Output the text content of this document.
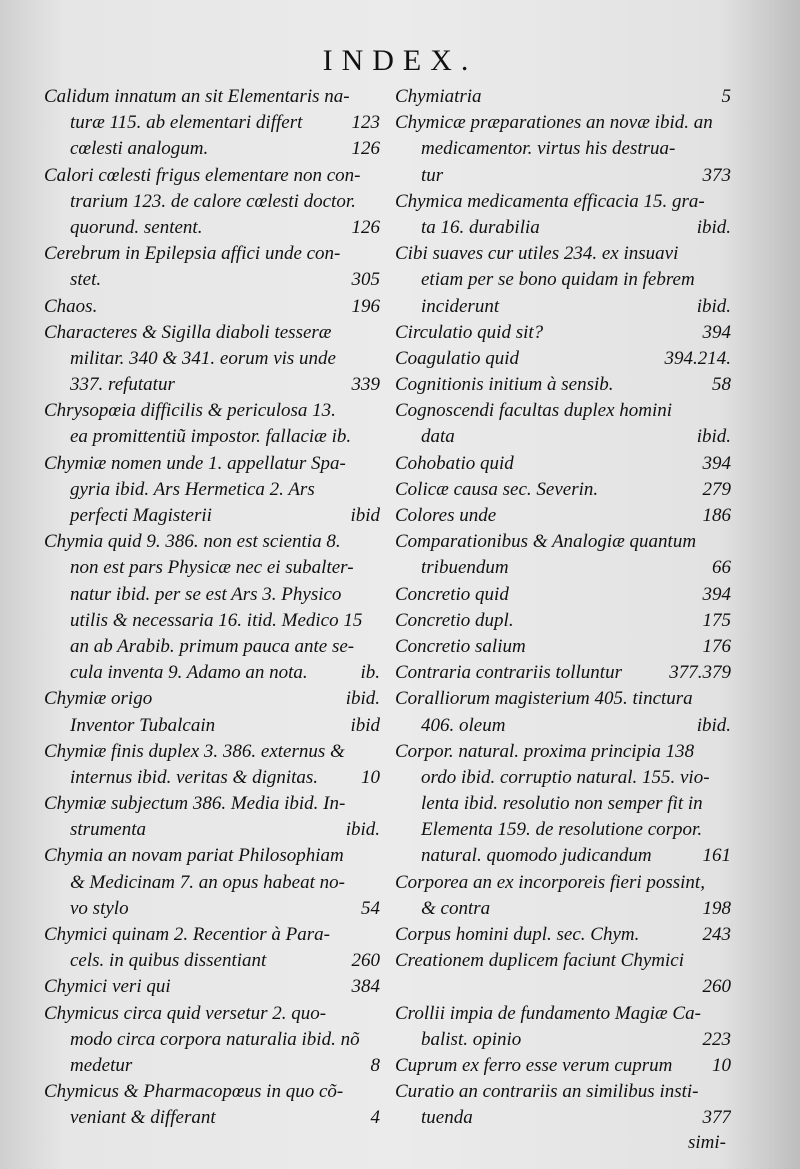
INDEX.
Calidum innatum an sit Elementaris na-
turæ 115. ab elementari differt	123
cœlesti analogum.	126
Calori cœlesti frigus elementare non con-
trarium 123. de calore cœlesti doctor.
quorund. sentent.	126
Cerebrum in Epilepsia affici unde con-
stet.	305
Chaos.	196
Characteres & Sigilla diaboli tesseræ
militar. 340 & 341. eorum vis unde
337. refutatur	339
Chrysopœia difficilis & periculosa 13.
ea promittentiũ impostor. fallaciæ ib.
Chymiæ nomen unde 1. appellatur Spa-
gyria ibid. Ars Hermetica 2. Ars
perfecti Magisterii	ibid
Chymia quid 9. 386. non est scientia 8.
non est pars Physicæ nec ei subalter-
natur ibid. per se est Ars 3. Physico
utilis & necessaria 16. itid. Medico 15
an ab Arabib. primum pauca ante se-
cula inventa 9. Adamo an nota.	ib.
Chymiæ origo	ibid.
Inventor Tubalcain	ibid
Chymiæ finis duplex 3. 386. externus &
internus ibid. veritas & dignitas.	10
Chymiæ subjectum 386. Media ibid. In-
strumenta	ibid.
Chymia an novam pariat Philosophiam
& Medicinam 7. an opus habeat no-
vo stylo	54
Chymici quinam 2. Recentior à Para-
cels. in quibus dissentiant	260
Chymici veri qui	384
Chymicus circa quid versetur 2. quo-
modo circa corporа naturalia ibid. nõ
medetur	8
Chymicus & Pharmacopœus in quo cõ-
veniant & differant	4
Chymiatria	5
Chymicæ præparationes an novæ ibid. an
medicamentor. virtus his destrua-
tur	373
Chymica medicamenta efficacia 15. gra-
ta 16. durabilia	ibid.
Cibi suaves cur utiles 234. ex insuavi
etiam per se bono quidam in febrem
inciderunt	ibid.
Circulatio quid sit?	394
Coagulatio quid	394.214.
Cognitionis initium à sensib.	58
Cognoscendi facultas duplex homini
data	ibid.
Cohobatio quid	394
Colicæ causa sec. Severin.	279
Colores unde	186
Comparationibus & Analogiæ quantum
tribuendum	66
Concretio quid	394
Concretio dupl.	175
Concretio salium	176
Contraria contrariis tolluntur	377.379
Coralliorum magisterium 405. tinctura
406. oleum	ibid.
Corpor. natural. proxima principia 138
ordo ibid. corruptio natural. 155. vio-
lenta ibid. resolutio non semper fit in
Elementa 159. de resolutione corpor.
natural. quomodo judicandum	161
Corporea an ex incorporeis fieri possint,
& contra	198
Corpus homini dupl. sec. Chym.	243
Creationem duplicem faciunt Chymici
260
Crollii impia de fundamento Magiæ Ca-
balist. opinio	223
Cuprum ex ferro esse verum cuprum	10
Curatio an contrariis an similibus insti-
tuenda	377
simi-
